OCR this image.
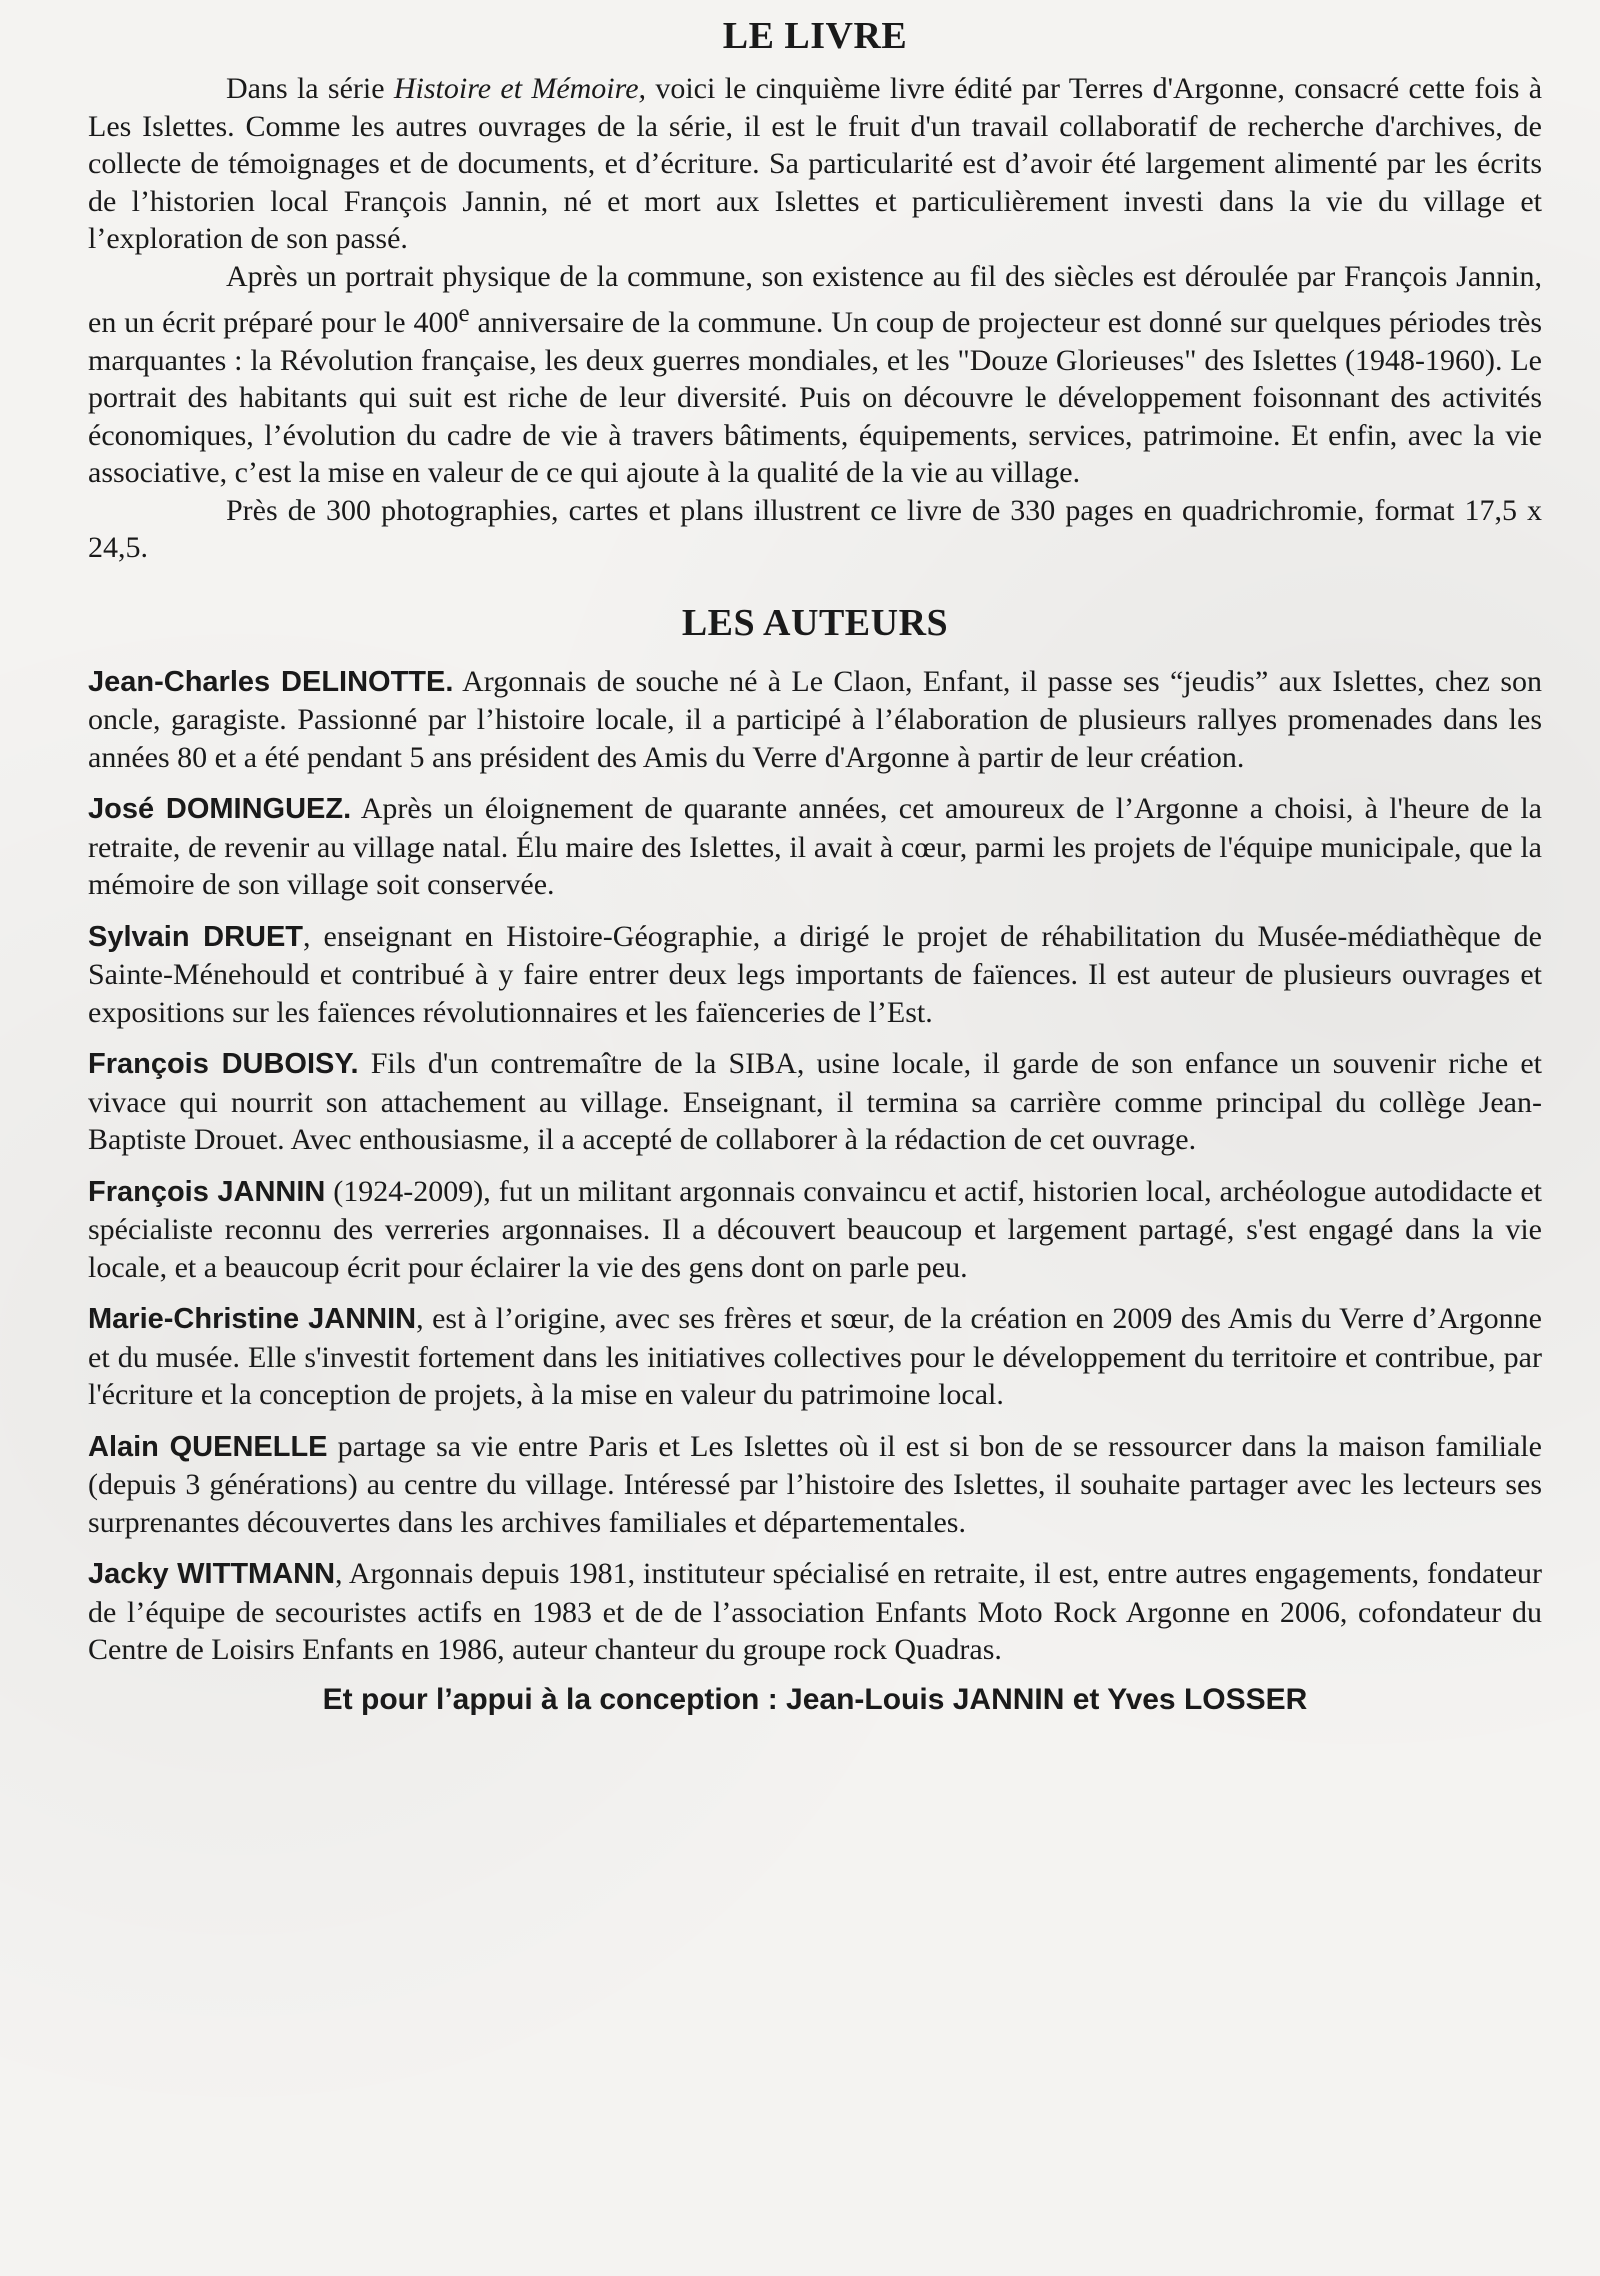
LE LIVRE

Dans la série Histoire et Mémoire, voici le cinquième livre édité par Terres d'Argonne, consacré cette fois à Les Islettes. Comme les autres ouvrages de la série, il est le fruit d'un travail collaboratif de recherche d'archives, de collecte de témoignages et de documents, et d’écriture. Sa particularité est d’avoir été largement alimenté par les écrits de l’historien local François Jannin, né et mort aux Islettes et particulièrement investi dans la vie du village et l’exploration de son passé.

Après un portrait physique de la commune, son existence au fil des siècles est déroulée par François Jannin, en un écrit préparé pour le 400e anniversaire de la commune. Un coup de projecteur est donné sur quelques périodes très marquantes : la Révolution française, les deux guerres mondiales, et les "Douze Glorieuses" des Islettes (1948-1960). Le portrait des habitants qui suit est riche de leur diversité. Puis on découvre le développement foisonnant des activités économiques, l’évolution du cadre de vie à travers bâtiments, équipements, services, patrimoine. Et enfin, avec la vie associative, c’est la mise en valeur de ce qui ajoute à la qualité de la vie au village.

Près de 300 photographies, cartes et plans illustrent ce livre de 330 pages en quadrichromie, format 17,5 x 24,5.

LES AUTEURS

Jean-Charles DELINOTTE. Argonnais de souche né à Le Claon, Enfant, il passe ses “jeudis” aux Islettes, chez son oncle, garagiste. Passionné par l’histoire locale, il a participé à l’élaboration de plusieurs rallyes promenades dans les années 80 et a été pendant 5 ans président des Amis du Verre d'Argonne à partir de leur création.

José DOMINGUEZ. Après un éloignement de quarante années, cet amoureux de l’Argonne a choisi, à l'heure de la retraite, de revenir au village natal. Élu maire des Islettes, il avait à cœur, parmi les projets de l'équipe municipale, que la mémoire de son village soit conservée.

Sylvain DRUET, enseignant en Histoire-Géographie, a dirigé le projet de réhabilitation du Musée-médiathèque de Sainte-Ménehould et contribué à y faire entrer deux legs importants de faïences. Il est auteur de plusieurs ouvrages et expositions sur les faïences révolutionnaires et les faïenceries de l’Est.

François DUBOISY. Fils d'un contremaître de la SIBA, usine locale, il garde de son enfance un souvenir riche et vivace qui nourrit son attachement au village. Enseignant, il termina sa carrière comme principal du collège Jean-Baptiste Drouet. Avec enthousiasme, il a accepté de collaborer à la rédaction de cet ouvrage.

François JANNIN (1924-2009), fut un militant argonnais convaincu et actif, historien local, archéologue autodidacte et spécialiste reconnu des verreries argonnaises. Il a découvert beaucoup et largement partagé, s'est engagé dans la vie locale, et a beaucoup écrit pour éclairer la vie des gens dont on parle peu.

Marie-Christine JANNIN, est à l’origine, avec ses frères et sœur, de la création en 2009 des Amis du Verre d’Argonne et du musée. Elle s'investit fortement dans les initiatives collectives pour le développement du territoire et contribue, par l'écriture et la conception de projets, à la mise en valeur du patrimoine local.

Alain QUENELLE partage sa vie entre Paris et Les Islettes où il est si bon de se ressourcer dans la maison familiale (depuis 3 générations) au centre du village. Intéressé par l’histoire des Islettes, il souhaite partager avec les lecteurs ses surprenantes découvertes dans les archives familiales et départementales.

Jacky WITTMANN, Argonnais depuis 1981, instituteur spécialisé en retraite, il est, entre autres engagements, fondateur de l’équipe de secouristes actifs en 1983 et de de l’association Enfants Moto Rock Argonne en 2006, cofondateur du Centre de Loisirs Enfants en 1986, auteur chanteur du groupe rock Quadras.

Et pour l’appui à la conception : Jean-Louis JANNIN et Yves LOSSER
